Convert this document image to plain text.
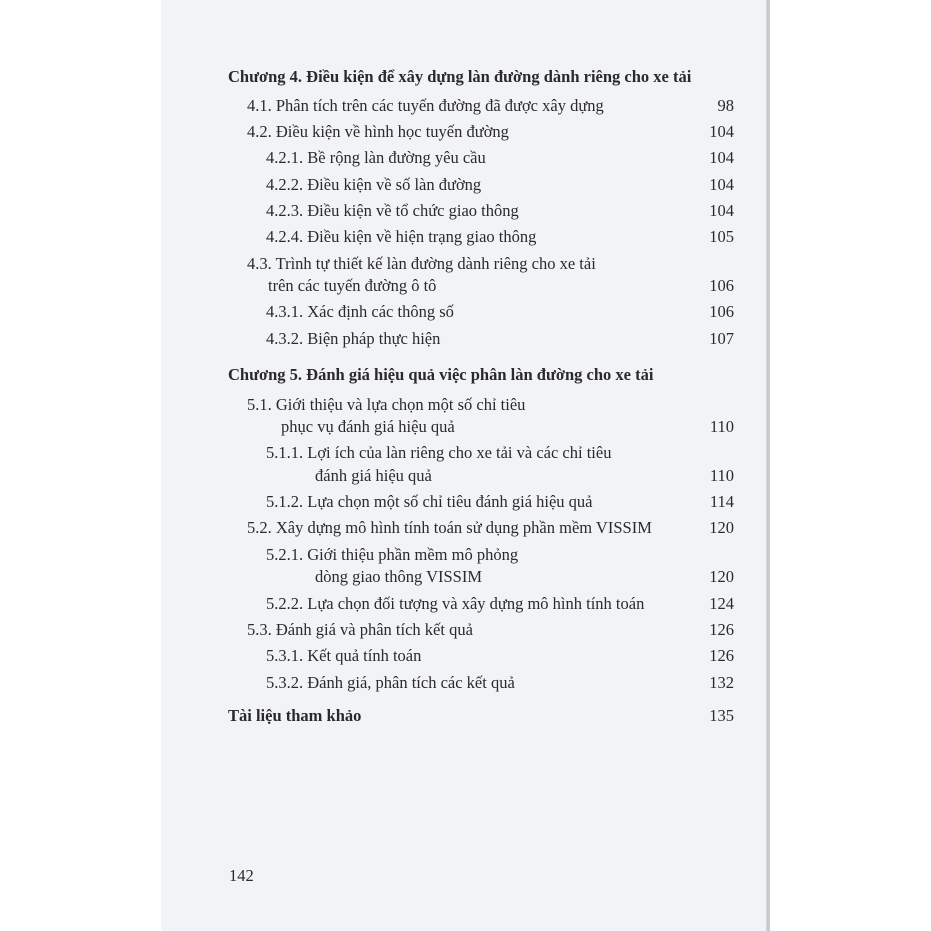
Chương 4. Điều kiện để xây dựng làn đường dành riêng cho xe tải
4.1. Phân tích trên các tuyến đường đã được xây dựng	98
4.2. Điều kiện về hình học tuyến đường	104
4.2.1. Bề rộng làn đường yêu cầu	104
4.2.2. Điều kiện về số làn đường	104
4.2.3. Điều kiện về tổ chức giao thông	104
4.2.4. Điều kiện về hiện trạng giao thông	105
4.3. Trình tự thiết kế làn đường dành riêng cho xe tải
trên các tuyến đường ô tô	106
4.3.1. Xác định các thông số	106
4.3.2. Biện pháp thực hiện	107
Chương 5. Đánh giá hiệu quả việc phân làn đường cho xe tải
5.1. Giới thiệu và lựa chọn một số chỉ tiêu
phục vụ đánh giá hiệu quả	110
5.1.1. Lợi ích của làn riêng cho xe tải và các chỉ tiêu
đánh giá hiệu quả	110
5.1.2. Lựa chọn một số chỉ tiêu đánh giá hiệu quả	114
5.2. Xây dựng mô hình tính toán sử dụng phần mềm VISSIM	120
5.2.1. Giới thiệu phần mềm mô phỏng
dòng giao thông VISSIM	120
5.2.2. Lựa chọn đối tượng và xây dựng mô hình tính toán	124
5.3. Đánh giá và phân tích kết quả	126
5.3.1. Kết quả tính toán	126
5.3.2. Đánh giá, phân tích các kết quả	132
Tài liệu tham khảo	135
142
